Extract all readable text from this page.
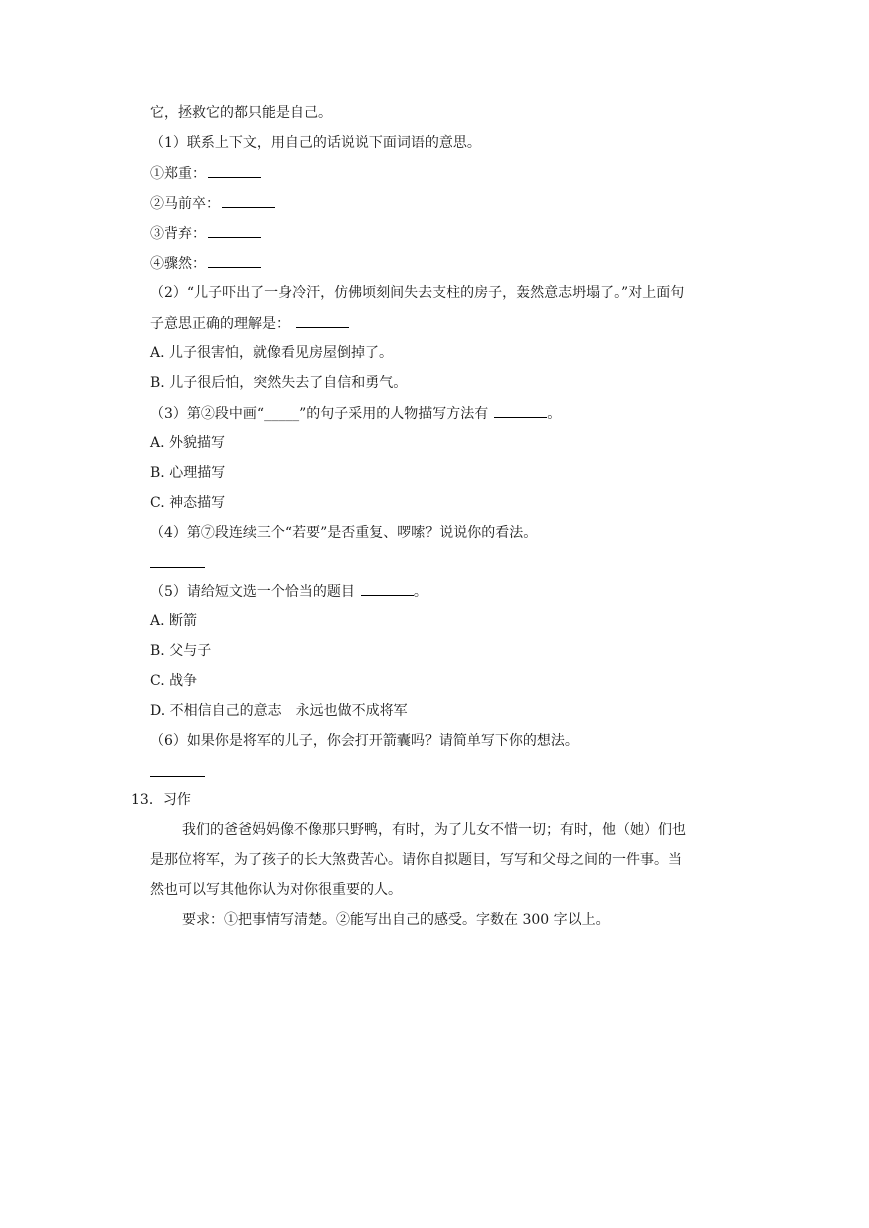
它，拯救它的都只能是自己。
（1）联系上下文，用自己的话说说下面词语的意思。
①郑重：
②马前卒：
③背弃：
④骤然：
（2）“儿子吓出了一身冷汗，仿佛顷刻间失去支柱的房子，轰然意志坍塌了。”对上面句
子意思正确的理解是：
A. 儿子很害怕，就像看见房屋倒掉了。
B. 儿子很后怕，突然失去了自信和勇气。
（3）第②段中画“_____”的句子采用的人物描写方法有	。
A. 外貌描写
B. 心理描写
C. 神态描写
（4）第⑦段连续三个“若要”是否重复、啰嗦？说说你的看法。
（5）请给短文选一个恰当的题目	。
A. 断箭
B. 父与子
C. 战争
D. 不相信自己的意志　永远也做不成将军
（6）如果你是将军的儿子，你会打开箭囊吗？请简单写下你的想法。
13．习作
我们的爸爸妈妈像不像那只野鸭，有时，为了儿女不惜一切；有时，他（她）们也
是那位将军，为了孩子的长大煞费苦心。请你自拟题目，写写和父母之间的一件事。当
然也可以写其他你认为对你很重要的人。
要求：①把事情写清楚。②能写出自己的感受。字数在 300 字以上。
